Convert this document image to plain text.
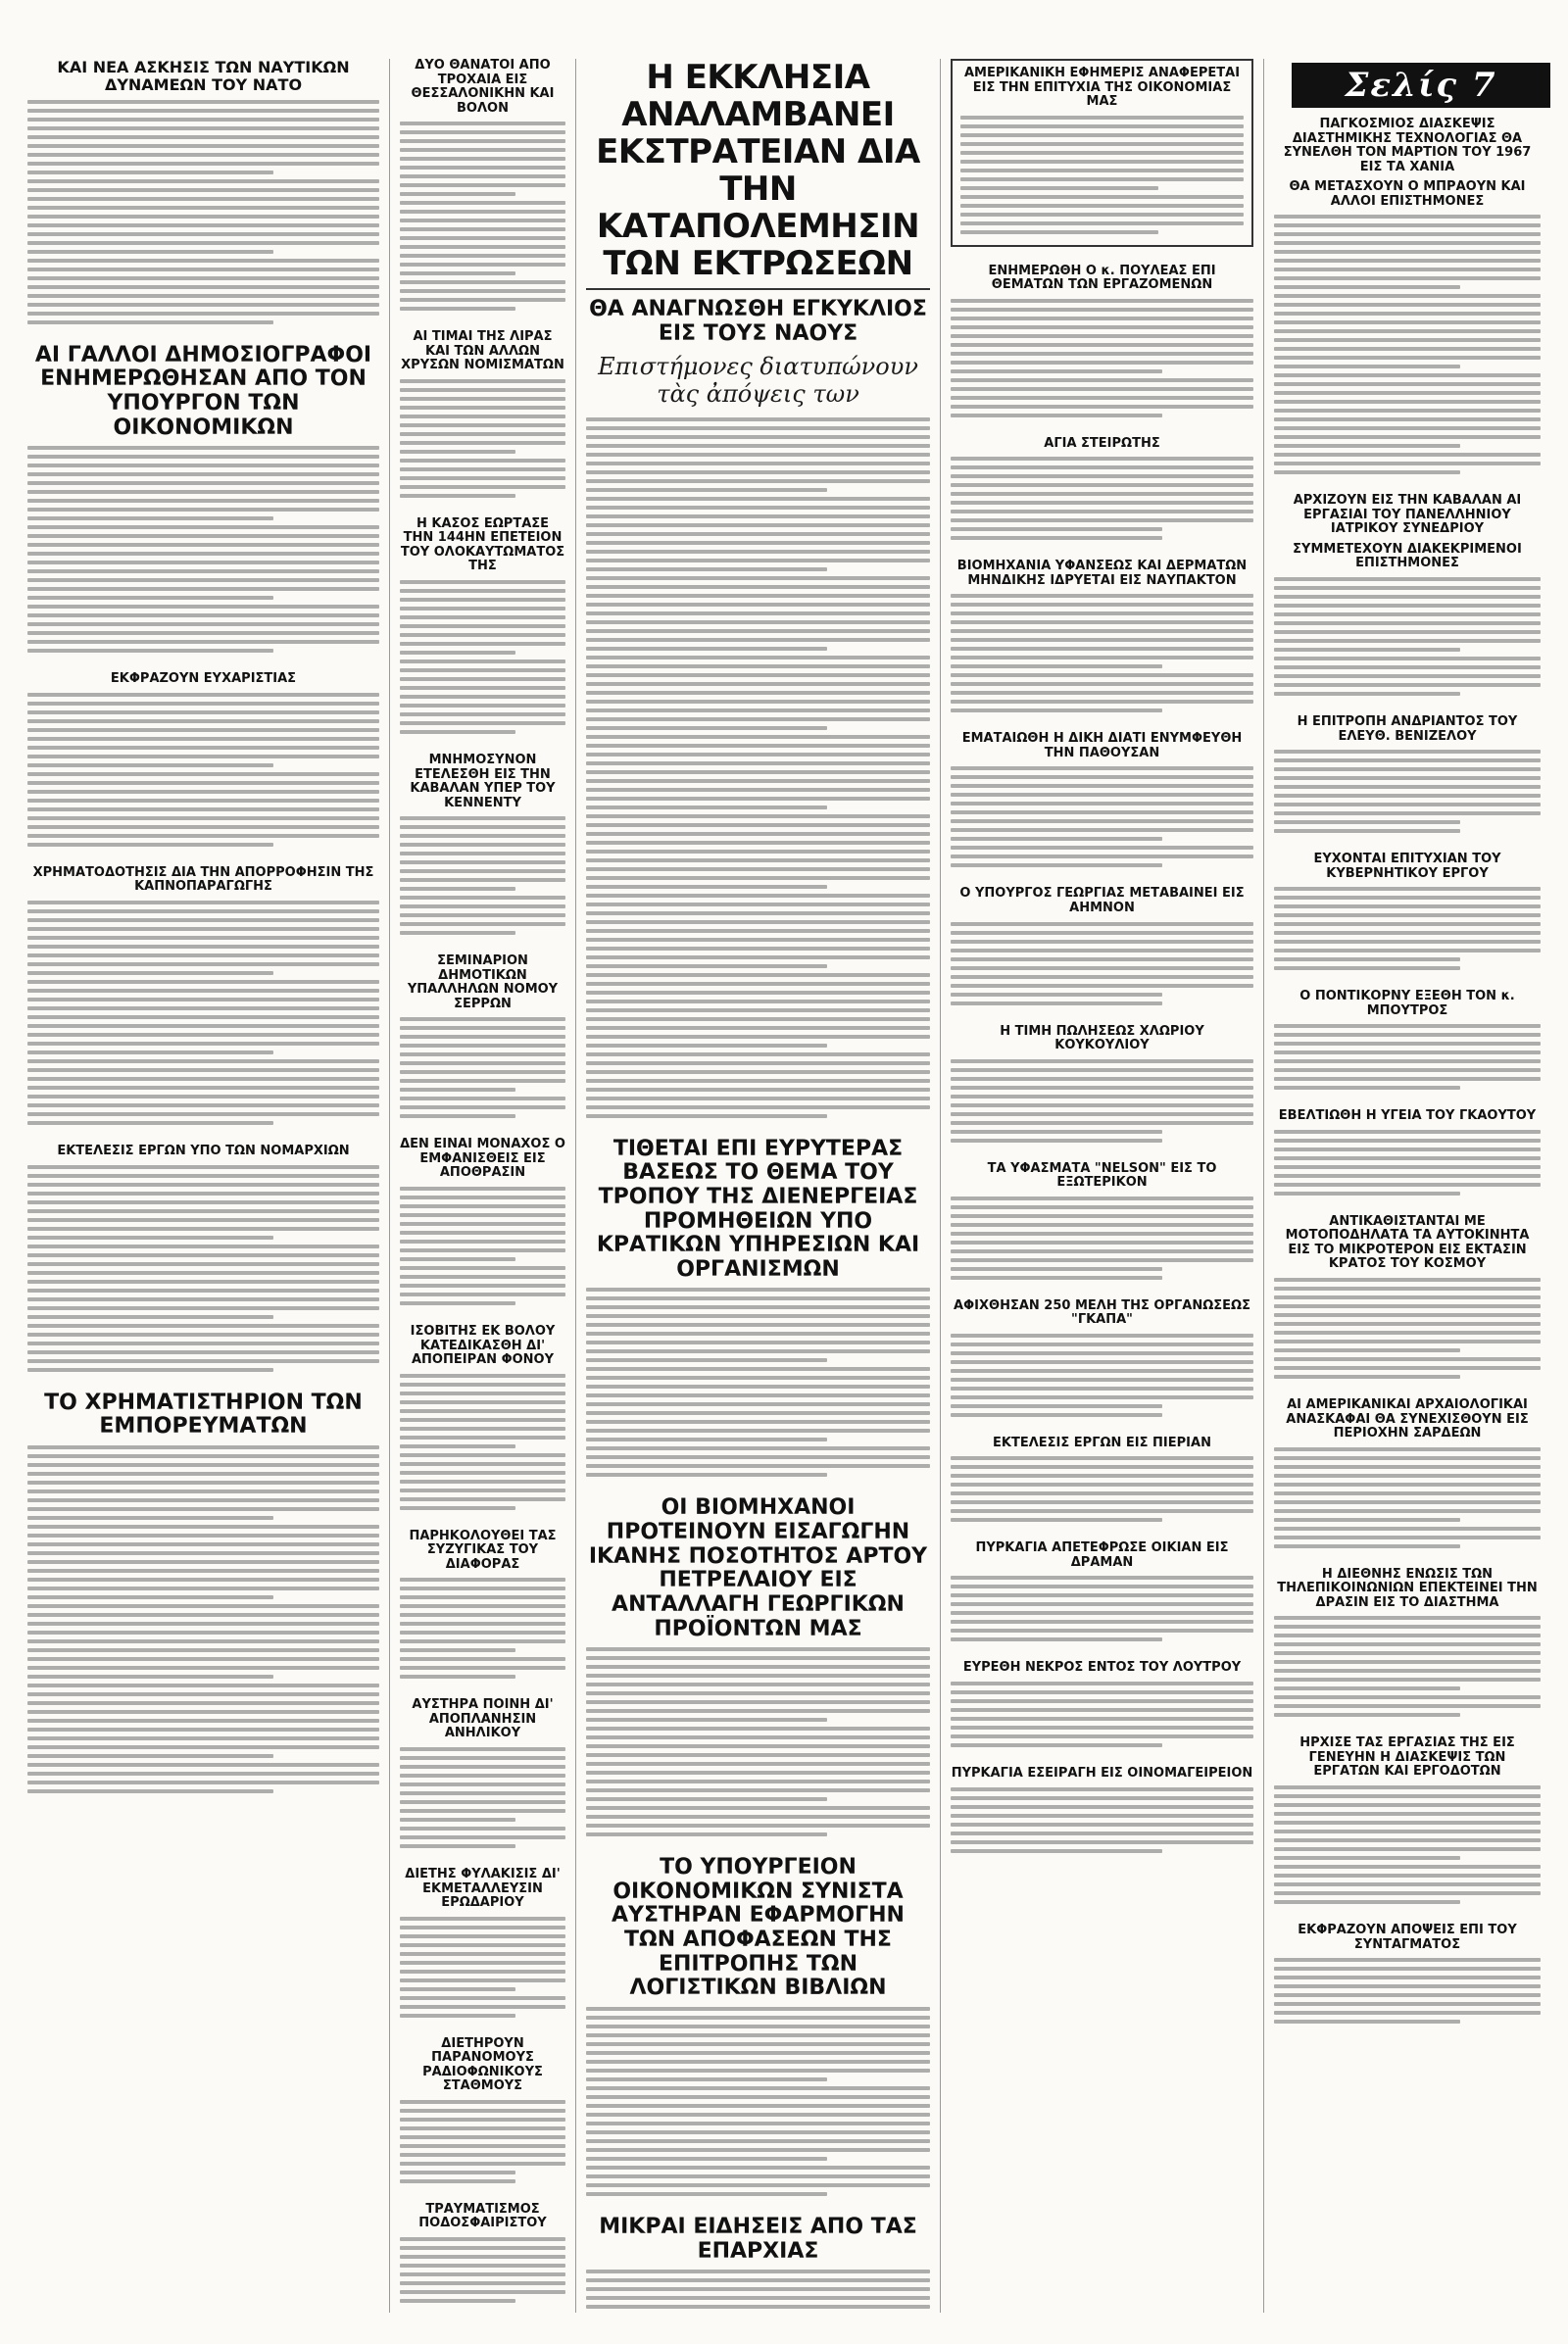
Σελίς 7
ΚΑΙ ΝΕΑ ΑΣΚΗΣΙΣ ΤΩΝ ΝΑΥΤΙΚΩΝ ΔΥΝΑΜΕΩΝ ΤΟΥ ΝΑΤΟ
ΑΙ ΓΑΛΛΟΙ ΔΗΜΟΣΙΟΓΡΑΦΟΙ ΕΝΗΜΕΡΩΘΗΣΑΝ ΑΠΟ ΤΟΝ ΥΠΟΥΡΓΟΝ ΤΩΝ ΟΙΚΟΝΟΜΙΚΩΝ
ΕΚΦΡΑΖΟΥΝ ΕΥΧΑΡΙΣΤΙΑΣ
ΧΡΗΜΑΤΟΔΟΤΗΣΙΣ ΔΙΑ ΤΗΝ ΑΠΟΡΡΟΦΗΣΙΝ ΤΗΣ ΚΑΠΝΟΠΑΡΑΓΩΓΗΣ
ΕΚΤΕΛΕΣΙΣ ΕΡΓΩΝ ΥΠΟ ΤΩΝ ΝΟΜΑΡΧΙΩΝ
ΤΟ ΧΡΗΜΑΤΙΣΤΗΡΙΟΝ ΤΩΝ ΕΜΠΟΡΕΥΜΑΤΩΝ
ΔΥΟ ΘΑΝΑΤΟΙ ΑΠΟ ΤΡΟΧΑΙΑ ΕΙΣ ΘΕΣΣΑΛΟΝΙΚΗΝ ΚΑΙ ΒΟΛΟΝ
ΑΙ ΤΙΜΑΙ ΤΗΣ ΛΙΡΑΣ ΚΑΙ ΤΩΝ ΑΛΛΩΝ ΧΡΥΣΩΝ ΝΟΜΙΣΜΑΤΩΝ
Η ΚΑΣΟΣ ΕΩΡΤΑΣΕ ΤΗΝ 144ΗΝ ΕΠΕΤΕΙΟΝ ΤΟΥ ΟΛΟΚΑΥΤΩΜΑΤΟΣ ΤΗΣ
ΜΝΗΜΟΣΥΝΟΝ ΕΤΕΛΕΣΘΗ ΕΙΣ ΤΗΝ ΚΑΒΑΛΑΝ ΥΠΕΡ ΤΟΥ ΚΕΝΝΕΝΤΥ
ΣΕΜΙΝΑΡΙΟΝ ΔΗΜΟΤΙΚΩΝ ΥΠΑΛΛΗΛΩΝ ΝΟΜΟΥ ΣΕΡΡΩΝ
ΔΕΝ ΕΙΝΑΙ ΜΟΝΑΧΟΣ Ο ΕΜΦΑΝΙΣΘΕΙΣ ΕΙΣ ΑΠΟΘΡΑΣΙΝ
ΙΣΟΒΙΤΗΣ ΕΚ ΒΟΛΟΥ ΚΑΤΕΔΙΚΑΣΘΗ ΔΙ' ΑΠΟΠΕΙΡΑΝ ΦΟΝΟΥ
ΠΑΡΗΚΟΛΟΥΘΕΙ ΤΑΣ ΣΥΖΥΓΙΚΑΣ ΤΟΥ ΔΙΑΦΟΡΑΣ
ΑΥΣΤΗΡΑ ΠΟΙΝΗ ΔΙ' ΑΠΟΠΛΑΝΗΣΙΝ ΑΝΗΛΙΚΟΥ
ΔΙΕΤΗΣ ΦΥΛΑΚΙΣΙΣ ΔΙ' ΕΚΜΕΤΑΛΛΕΥΣΙΝ ΕΡΩΔΑΡΙΟΥ
ΔΙΕΤΗΡΟΥΝ ΠΑΡΑΝΟΜΟΥΣ ΡΑΔΙΟΦΩΝΙΚΟΥΣ ΣΤΑΘΜΟΥΣ
ΤΡΑΥΜΑΤΙΣΜΟΣ ΠΟΔΟΣΦΑΙΡΙΣΤΟΥ
Η ΕΚΚΛΗΣΙΑ ΑΝΑΛΑΜΒΑΝΕΙ ΕΚΣΤΡΑΤΕΙΑΝ ΔΙΑ ΤΗΝ ΚΑΤΑΠΟΛΕΜΗΣΙΝ ΤΩΝ ΕΚΤΡΩΣΕΩΝ
ΘΑ ΑΝΑΓΝΩΣΘΗ ΕΓΚΥΚΛΙΟΣ ΕΙΣ ΤΟΥΣ ΝΑΟΥΣ
Επιστήμονες διατυπώνουν τὰς ἀπόψεις των
ΤΙΘΕΤΑΙ ΕΠΙ ΕΥΡΥΤΕΡΑΣ ΒΑΣΕΩΣ ΤΟ ΘΕΜΑ ΤΟΥ ΤΡΟΠΟΥ ΤΗΣ ΔΙΕΝΕΡΓΕΙΑΣ ΠΡΟΜΗΘΕΙΩΝ ΥΠΟ ΚΡΑΤΙΚΩΝ ΥΠΗΡΕΣΙΩΝ ΚΑΙ ΟΡΓΑΝΙΣΜΩΝ
ΟΙ ΒΙΟΜΗΧΑΝΟΙ ΠΡΟΤΕΙΝΟΥΝ ΕΙΣΑΓΩΓΗΝ ΙΚΑΝΗΣ ΠΟΣΟΤΗΤΟΣ ΑΡΤΟΥ ΠΕΤΡΕΛΑΙΟΥ ΕΙΣ ΑΝΤΑΛΛΑΓΗ ΓΕΩΡΓΙΚΩΝ ΠΡΟΪΟΝΤΩΝ ΜΑΣ
ΤΟ ΥΠΟΥΡΓΕΙΟΝ ΟΙΚΟΝΟΜΙΚΩΝ ΣΥΝΙΣΤΑ ΑΥΣΤΗΡΑΝ ΕΦΑΡΜΟΓΗΝ ΤΩΝ ΑΠΟΦΑΣΕΩΝ ΤΗΣ ΕΠΙΤΡΟΠΗΣ ΤΩΝ ΛΟΓΙΣΤΙΚΩΝ ΒΙΒΛΙΩΝ
ΜΙΚΡΑΙ ΕΙΔΗΣΕΙΣ ΑΠΟ ΤΑΣ ΕΠΑΡΧΙΑΣ
ΑΜΕΡΙΚΑΝΙΚΗ ΕΦΗΜΕΡΙΣ ΑΝΑΦΕΡΕΤΑΙ ΕΙΣ ΤΗΝ ΕΠΙΤΥΧΙΑ ΤΗΣ ΟΙΚΟΝΟΜΙΑΣ ΜΑΣ
ΕΝΗΜΕΡΩΘΗ Ο κ. ΠΟΥΛΕΑΣ ΕΠΙ ΘΕΜΑΤΩΝ ΤΩΝ ΕΡΓΑΖΟΜΕΝΩΝ
ΑΓΙΑ ΣΤΕΙΡΩΤΗΣ
ΒΙΟΜΗΧΑΝΙΑ ΥΦΑΝΣΕΩΣ ΚΑΙ ΔΕΡΜΑΤΩΝ ΜΗΝΔΙΚΗΣ ΙΔΡΥΕΤΑΙ ΕΙΣ ΝΑΥΠΑΚΤΟΝ
ΕΜΑΤΑΙΩΘΗ Η ΔΙΚΗ ΔΙΑΤΙ ΕΝΥΜΦΕΥΘΗ ΤΗΝ ΠΑΘΟΥΣΑΝ
Ο ΥΠΟΥΡΓΟΣ ΓΕΩΡΓΙΑΣ ΜΕΤΑΒΑΙΝΕΙ ΕΙΣ ΑΗΜΝΟΝ
Η ΤΙΜΗ ΠΩΛΗΣΕΩΣ ΧΛΩΡΙΟΥ ΚΟΥΚΟΥΛΙΟΥ
ΤΑ ΥΦΑΣΜΑΤΑ "NELSON" ΕΙΣ ΤΟ ΕΞΩΤΕΡΙΚΟΝ
ΑΦΙΧΘΗΣΑΝ 250 ΜΕΛΗ ΤΗΣ ΟΡΓΑΝΩΣΕΩΣ "ΓΚΑΠΑ"
ΕΚΤΕΛΕΣΙΣ ΕΡΓΩΝ ΕΙΣ ΠΙΕΡΙΑΝ
ΠΥΡΚΑΓΙΑ ΑΠΕΤΕΦΡΩΣΕ ΟΙΚΙΑΝ ΕΙΣ ΔΡΑΜΑΝ
ΕΥΡΕΘΗ ΝΕΚΡΟΣ ΕΝΤΟΣ ΤΟΥ ΛΟΥΤΡΟΥ
ΠΥΡΚΑΓΙΑ ΕΣΕΙΡΑΓΗ ΕΙΣ ΟΙΝΟΜΑΓΕΙΡΕΙΟΝ
ΠΑΓΚΟΣΜΙΟΣ ΔΙΑΣΚΕΨΙΣ ΔΙΑΣΤΗΜΙΚΗΣ ΤΕΧΝΟΛΟΓΙΑΣ ΘΑ ΣΥΝΕΛΘΗ ΤΟΝ ΜΑΡΤΙΟΝ ΤΟΥ 1967 ΕΙΣ ΤΑ ΧΑΝΙΑ
ΘΑ ΜΕΤΑΣΧΟΥΝ Ο ΜΠΡΑΟΥΝ ΚΑΙ ΑΛΛΟΙ ΕΠΙΣΤΗΜΟΝΕΣ
ΑΡΧΙΖΟΥΝ ΕΙΣ ΤΗΝ ΚΑΒΑΛΑΝ ΑΙ ΕΡΓΑΣΙΑΙ ΤΟΥ ΠΑΝΕΛΛΗΝΙΟΥ ΙΑΤΡΙΚΟΥ ΣΥΝΕΔΡΙΟΥ
ΣΥΜΜΕΤΕΧΟΥΝ ΔΙΑΚΕΚΡΙΜΕΝΟΙ ΕΠΙΣΤΗΜΟΝΕΣ
Η ΕΠΙΤΡΟΠΗ ΑΝΔΡΙΑΝΤΟΣ ΤΟΥ ΕΛΕΥΘ. ΒΕΝΙΖΕΛΟΥ
ΕΥΧΟΝΤΑΙ ΕΠΙΤΥΧΙΑΝ ΤΟΥ ΚΥΒΕΡΝΗΤΙΚΟΥ ΕΡΓΟΥ
Ο ΠΟΝΤΙΚΟΡΝΥ ΕΞΕΘΗ ΤΟΝ κ. ΜΠΟΥΤΡΟΣ
ΕΒΕΛΤΙΩΘΗ Η ΥΓΕΙΑ ΤΟΥ ΓΚΑΟΥΤΟΥ
ΑΝΤΙΚΑΘΙΣΤΑΝΤΑΙ ΜΕ ΜΟΤΟΠΟΔΗΛΑΤΑ ΤΑ ΑΥΤΟΚΙΝΗΤΑ ΕΙΣ ΤΟ ΜΙΚΡΟΤΕΡΟΝ ΕΙΣ ΕΚΤΑΣΙΝ ΚΡΑΤΟΣ ΤΟΥ ΚΟΣΜΟΥ
ΑΙ ΑΜΕΡΙΚΑΝΙΚΑΙ ΑΡΧΑΙΟΛΟΓΙΚΑΙ ΑΝΑΣΚΑΦΑΙ ΘΑ ΣΥΝΕΧΙΣΘΟΥΝ ΕΙΣ ΠΕΡΙΟΧΗΝ ΣΑΡΔΕΩΝ
Η ΔΙΕΘΝΗΣ ΕΝΩΣΙΣ ΤΩΝ ΤΗΛΕΠΙΚΟΙΝΩΝΙΩΝ ΕΠΕΚΤΕΙΝΕΙ ΤΗΝ ΔΡΑΣΙΝ ΕΙΣ ΤΟ ΔΙΑΣΤΗΜΑ
ΗΡΧΙΣΕ ΤΑΣ ΕΡΓΑΣΙΑΣ ΤΗΣ ΕΙΣ ΓΕΝΕΥΗΝ Η ΔΙΑΣΚΕΨΙΣ ΤΩΝ ΕΡΓΑΤΩΝ ΚΑΙ ΕΡΓΟΔΟΤΩΝ
ΕΚΦΡΑΖΟΥΝ ΑΠΟΨΕΙΣ ΕΠΙ ΤΟΥ ΣΥΝΤΑΓΜΑΤΟΣ
